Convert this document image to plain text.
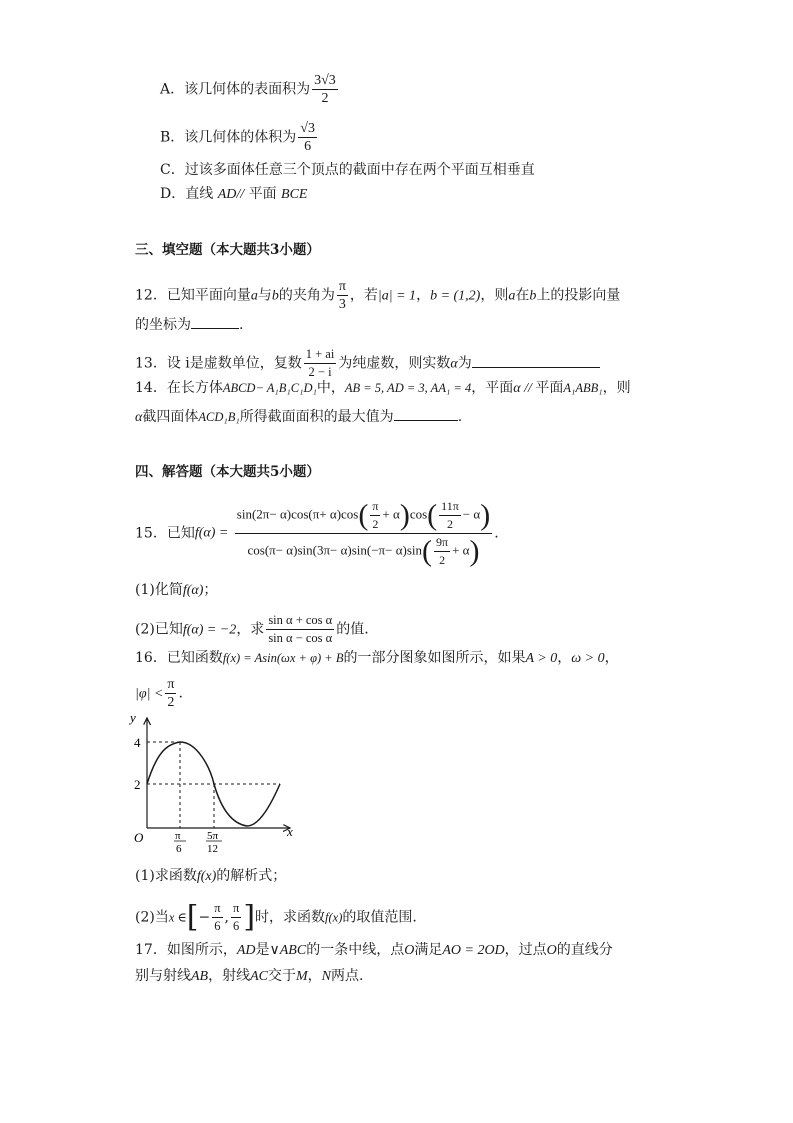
A．该几何体的表面积为 $\frac{3√3}{2}$
B．该几何体的体积为 $\frac{√3}{6}$
C．过该多面体任意三个顶点的截面中存在两个平面互相垂直
D．直线 AD// 平面 BCE
三、填空题（本大题共3小题）
12．已知平面向量a与b的夹角为 $\frac{\pi}{3}$ ，若|a| = 1，b = (1,2)，则a在b上的投影向量
的坐标为	.
13．设 i是虚数单位，复数 $\frac{1 + ai}{2 - i}$ 为纯虚数，则实数α为
14．在长方体ABCD− A₁B₁C₁D₁中，AB = 5, AD = 3, AA₁ = 4，平面α // 平面A₁ABB₁，则
α截四面体ACD₁B₁所得截面面积的最大值为	.
四、解答题（本大题共5小题）
15．已知$f(\alpha) = \frac{\sin(2\pi- \alpha)\cos(\pi+ \alpha)\cos( \frac{\pi}{2} + \alpha)\cos( \frac{11\pi}{2} - \alpha)}{\cos(\pi- \alpha)\sin(3\pi- \alpha)\sin(-\pi- \alpha)\sin( \frac{9\pi}{2} + \alpha)}$ .
(1)化简f(α)；
(2)已知f(α) = −2，求 $\frac{\text{sin α + cos α}}{\text{sin α − cos α}}$ 的值.
16．已知函数f(x) = Asin(ωx + φ) + B的一部分图象如图所示，如果A > 0，ω > 0，
$|\varphi| < \frac{\pi}{2}$ .
y
x
O
4
2
π
6
5π
12
(1)求函数f(x)的解析式；
(2)当x ∈[− $\frac{\pi}{6}$ , $\frac{\pi}{6}$ ]时，求函数f(x)的取值范围.
17．如图所示，AD是∨ABC的一条中线，点O满足AO = 2OD，过点O的直线分
别与射线AB，射线AC交于M，N两点.
